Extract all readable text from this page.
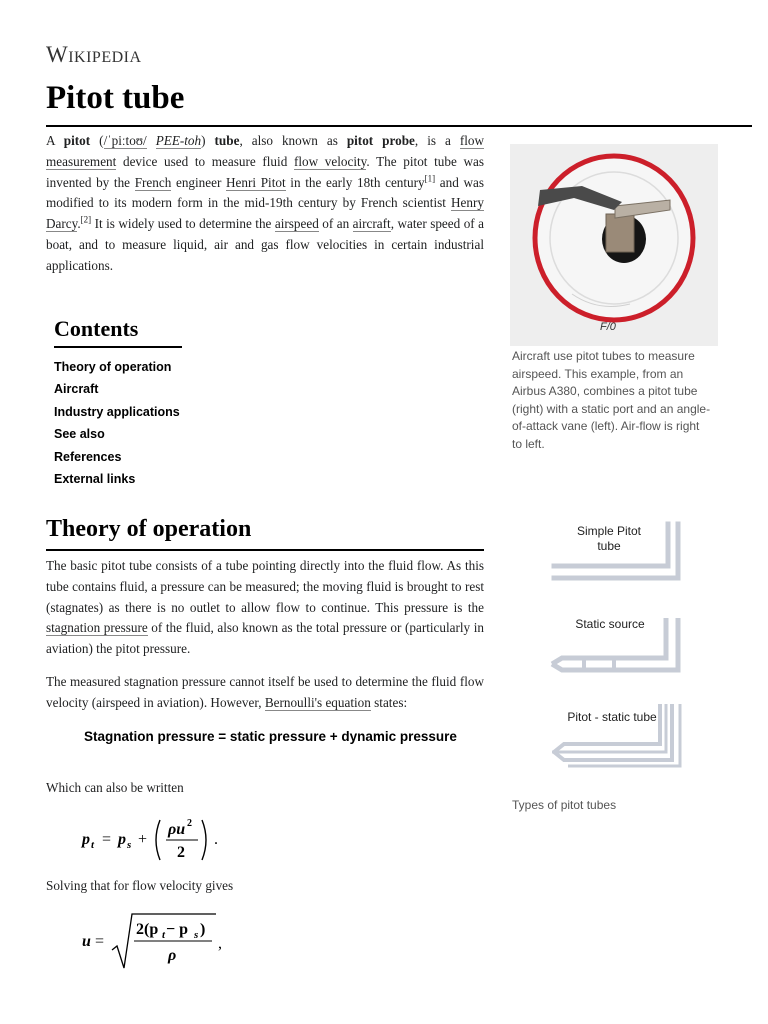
Wikipedia
Pitot tube

A pitot (/ˈpiːtoʊ/ PEE-toh) tube, also known as pitot probe, is a flow measurement device used to measure fluid flow velocity. The pitot tube was invented by the French engineer Henri Pitot in the early 18th century[1] and was modified to its modern form in the mid-19th century by French scientist Henry Darcy.[2] It is widely used to determine the airspeed of an aircraft, water speed of a boat, and to measure liquid, air and gas flow velocities in certain industrial applications.

F/0

Aircraft use pitot tubes to measure airspeed. This example, from an Airbus A380, combines a pitot tube (right) with a static port and an angle-of-attack vane (left). Air-flow is right to left.

Contents
Theory of operation
Aircraft
Industry applications
See also
References
External links
Theory of operation

The basic pitot tube consists of a tube pointing directly into the fluid flow. As this tube contains fluid, a pressure can be measured; the moving fluid is brought to rest (stagnates) as there is no outlet to allow flow to continue. This pressure is the stagnation pressure of the fluid, also known as the total pressure or (particularly in aviation) the pitot pressure.

The measured stagnation pressure cannot itself be used to determine the fluid flow velocity (airspeed in aviation). However, Bernoulli's equation states:

Stagnation pressure = static pressure + dynamic pressure

Which can also be written

p t = p s +
ρu 2
2
.

Solving that for flow velocity gives

u =
2(p t − p s )
ρ
,
Simple Pitot tube
Static source
Pitot - static tube

Types of pitot tubes
